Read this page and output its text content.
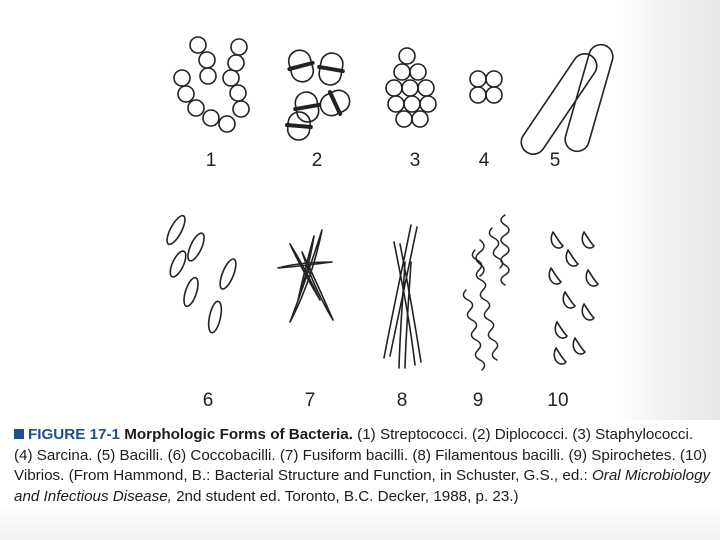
1	2	3	4	5
6	7	8	9	10
FIGURE 17-1 Morphologic Forms of Bacteria. (1) Streptococci. (2) Diplococci. (3) Staphylococci. (4) Sarcina. (5) Bacilli. (6) Coccobacilli. (7) Fusiform bacilli. (8) Filamentous bacilli. (9) Spirochetes. (10) Vibrios. (From Hammond, B.: Bacterial Structure and Function, in Schuster, G.S., ed.: Oral Microbiology and Infectious Disease, 2nd student ed. Toronto, B.C. Decker, 1988, p. 23.)
